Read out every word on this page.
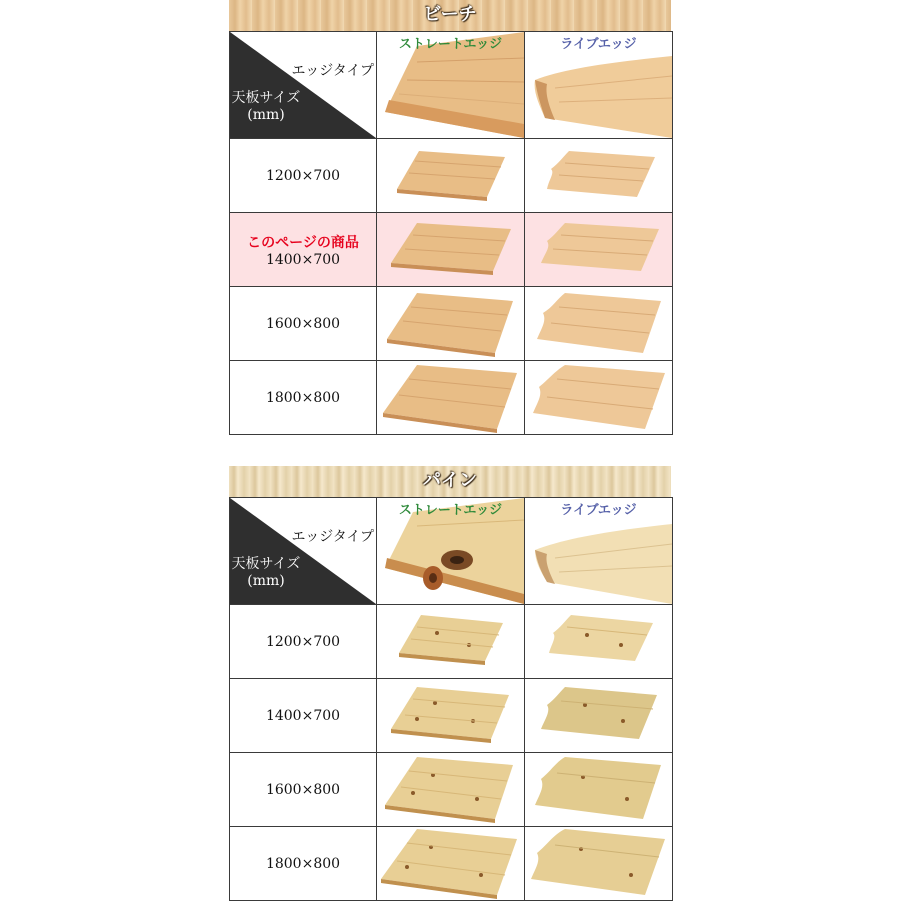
ビーチ
エッジタイプ
天板サイズ
(mm)	ストレートエッジ	ライブエッジ

1200×700

このページの商品
1400×700

1600×800

1800×800

パイン
エッジタイプ
天板サイズ
(mm)	ストレートエッジ	ライブエッジ

1200×700

1400×700

1600×800

1800×800
